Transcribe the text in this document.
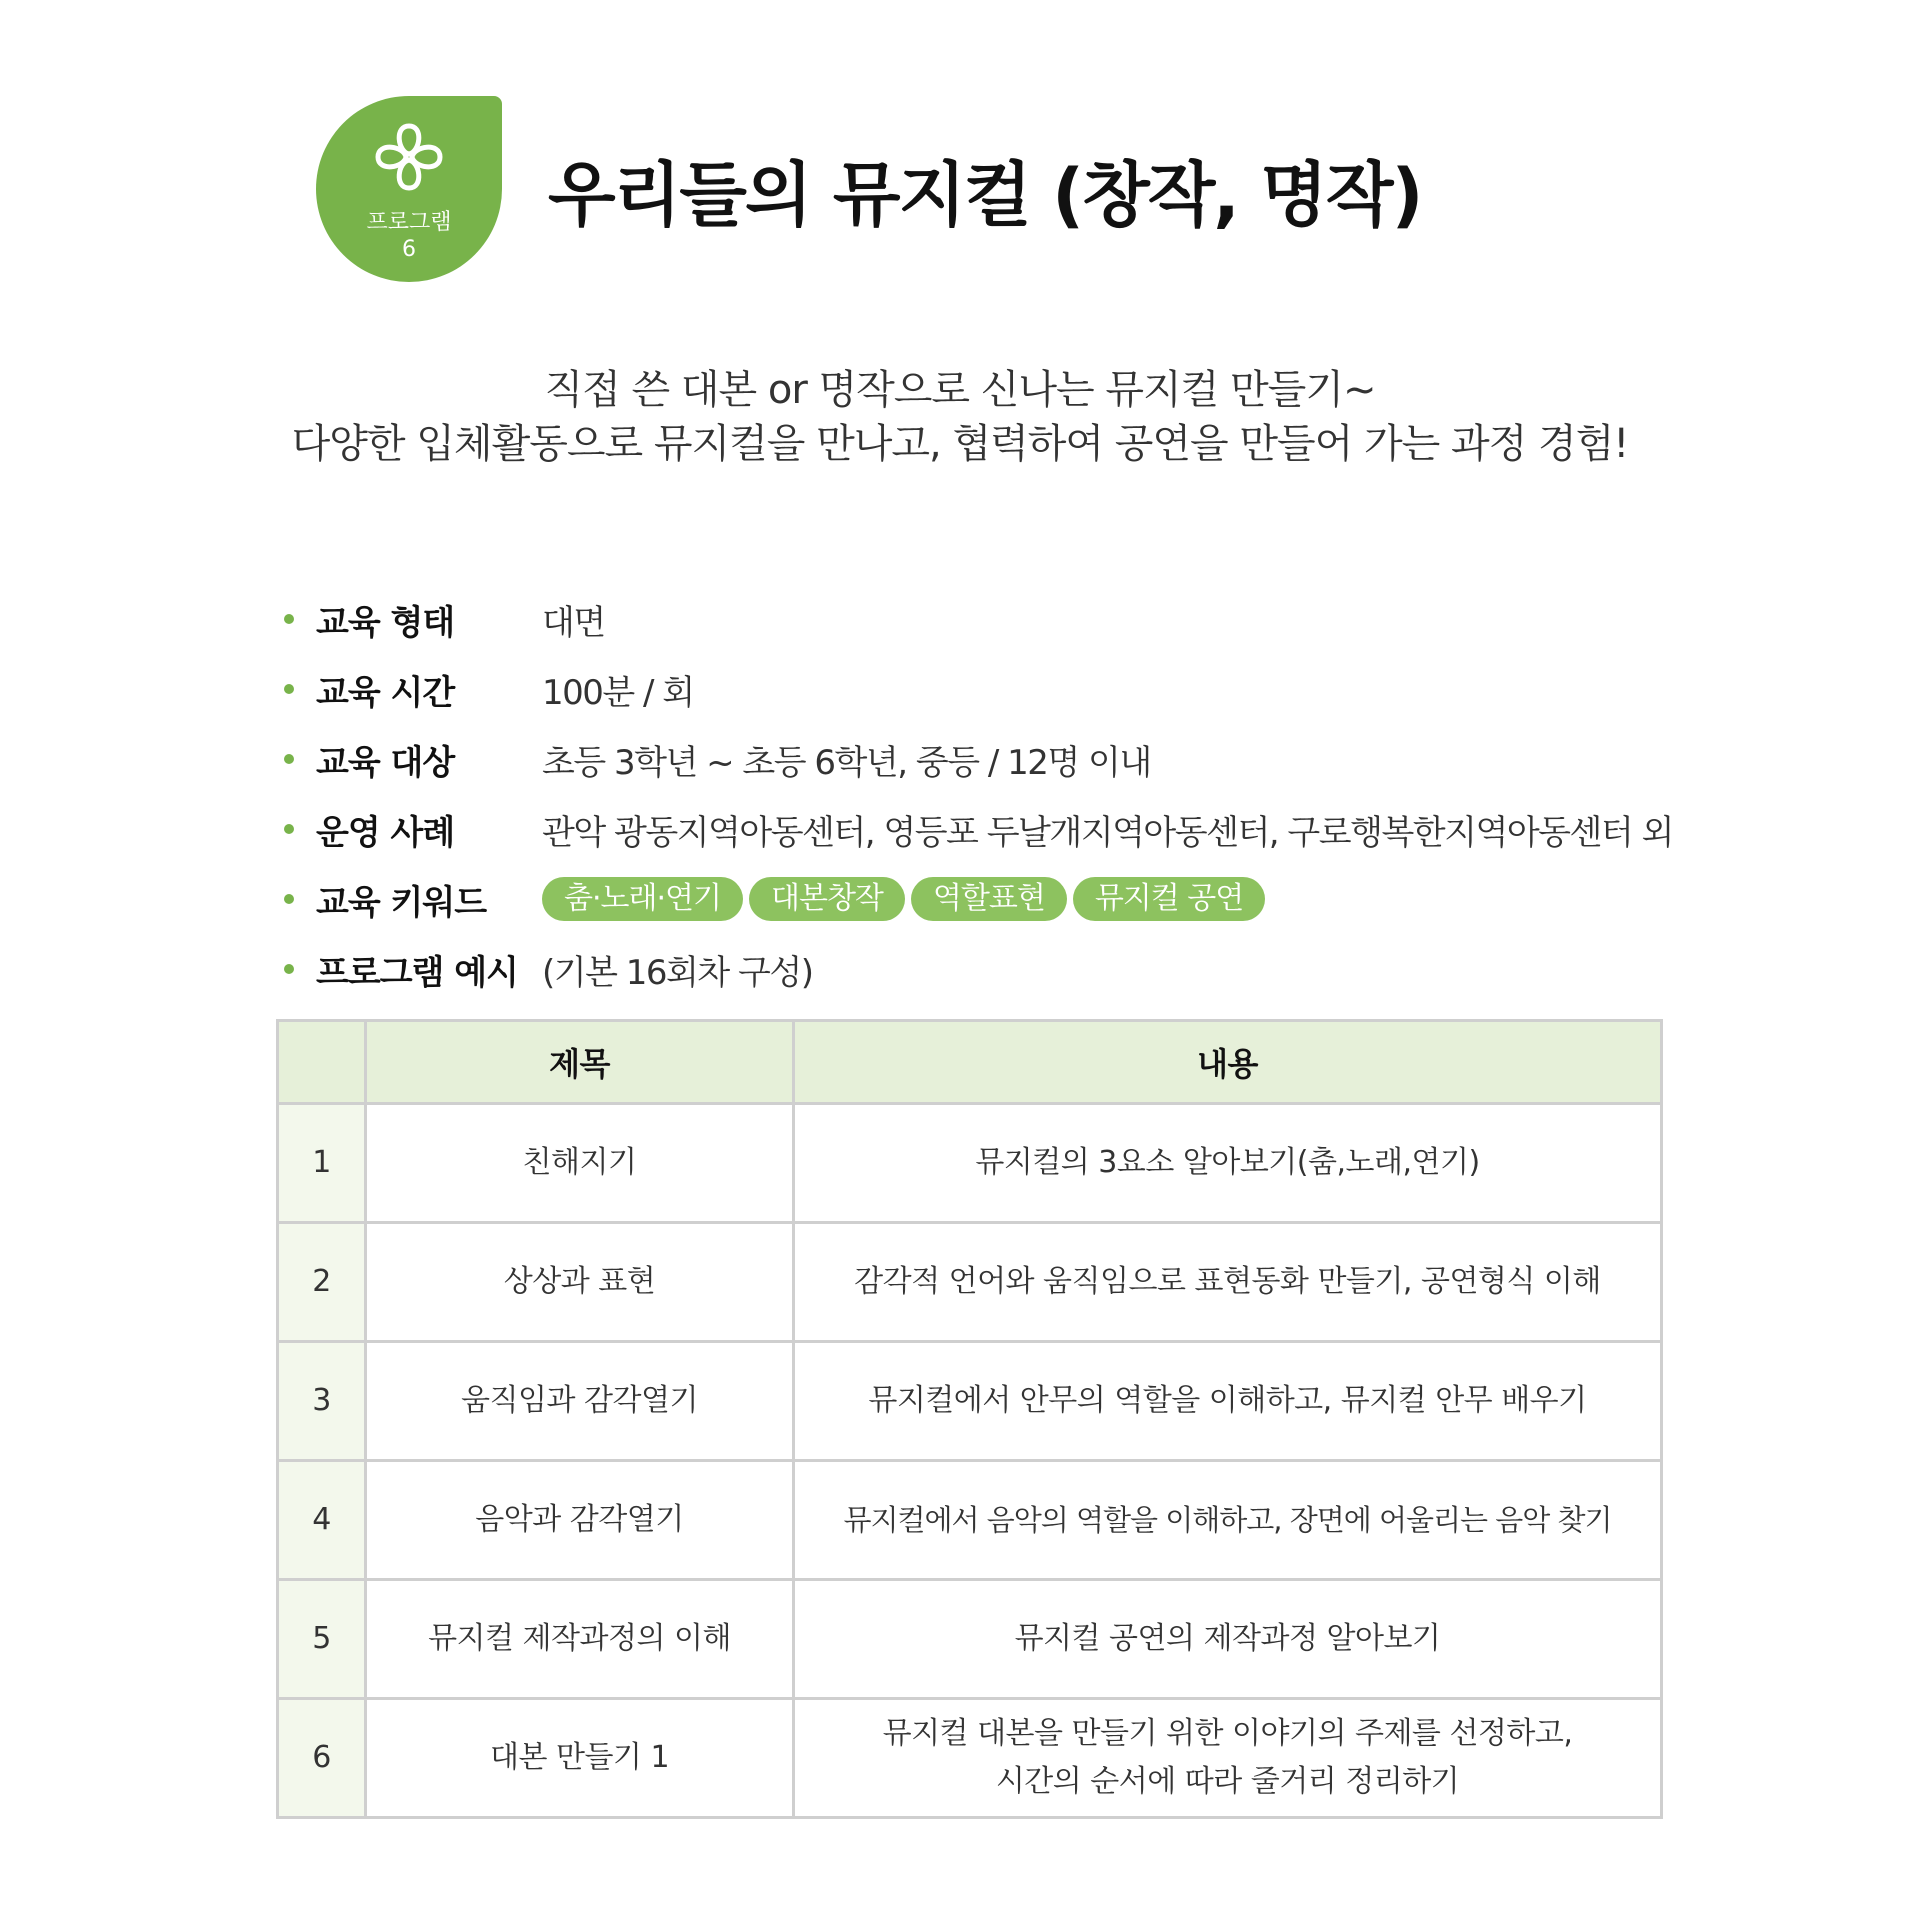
프로그램
6
우리들의 뮤지컬 (창작, 명작)
직접 쓴 대본 or 명작으로 신나는 뮤지컬 만들기~
다양한 입체활동으로 뮤지컬을 만나고, 협력하여 공연을 만들어 가는 과정 경험!
교육 형태	대면
교육 시간	100분 / 회
교육 대상	초등 3학년 ~ 초등 6학년, 중등 / 12명 이내
운영 사례	관악 광동지역아동센터, 영등포 두날개지역아동센터, 구로행복한지역아동센터 외
교육 키워드	춤·노래·연기	대본창작	역할표현	뮤지컬 공연
프로그램 예시 (기본 16회차 구성)
	제목	내용
1	친해지기	뮤지컬의 3요소 알아보기(춤,노래,연기)
2	상상과 표현	감각적 언어와 움직임으로 표현동화 만들기, 공연형식 이해
3	움직임과 감각열기	뮤지컬에서 안무의 역할을 이해하고, 뮤지컬 안무 배우기
4	음악과 감각열기	뮤지컬에서 음악의 역할을 이해하고, 장면에 어울리는 음악 찾기
5	뮤지컬 제작과정의 이해	뮤지컬 공연의 제작과정 알아보기
6	대본 만들기 1	뮤지컬 대본을 만들기 위한 이야기의 주제를 선정하고,
시간의 순서에 따라 줄거리 정리하기
